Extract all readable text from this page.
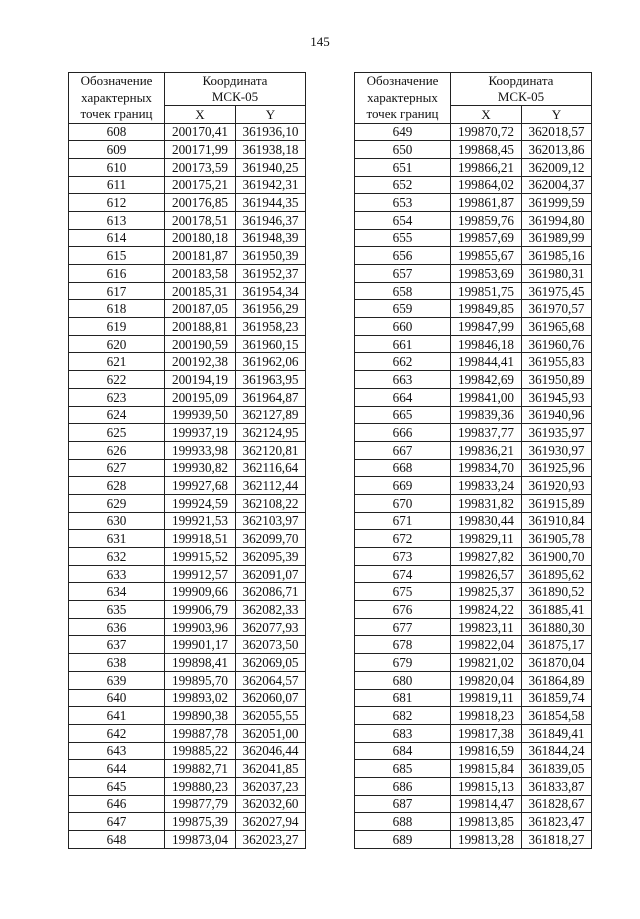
145
Обозначение
характерных
точек границ	Координата
МСК-05	

	X	Y
608	200170,41	361936,10
609	200171,99	361938,18
610	200173,59	361940,25
611	200175,21	361942,31
612	200176,85	361944,35
613	200178,51	361946,37
614	200180,18	361948,39
615	200181,87	361950,39
616	200183,58	361952,37
617	200185,31	361954,34
618	200187,05	361956,29
619	200188,81	361958,23
620	200190,59	361960,15
621	200192,38	361962,06
622	200194,19	361963,95
623	200195,09	361964,87
624	199939,50	362127,89
625	199937,19	362124,95
626	199933,98	362120,81
627	199930,82	362116,64
628	199927,68	362112,44
629	199924,59	362108,22
630	199921,53	362103,97
631	199918,51	362099,70
632	199915,52	362095,39
633	199912,57	362091,07
634	199909,66	362086,71
635	199906,79	362082,33
636	199903,96	362077,93
637	199901,17	362073,50
638	199898,41	362069,05
639	199895,70	362064,57
640	199893,02	362060,07
641	199890,38	362055,55
642	199887,78	362051,00
643	199885,22	362046,44
644	199882,71	362041,85
645	199880,23	362037,23
646	199877,79	362032,60
647	199875,39	362027,94
648	199873,04	362023,27
Обозначение
характерных
точек границ	Координата
МСК-05	

	X	Y
649	199870,72	362018,57
650	199868,45	362013,86
651	199866,21	362009,12
652	199864,02	362004,37
653	199861,87	361999,59
654	199859,76	361994,80
655	199857,69	361989,99
656	199855,67	361985,16
657	199853,69	361980,31
658	199851,75	361975,45
659	199849,85	361970,57
660	199847,99	361965,68
661	199846,18	361960,76
662	199844,41	361955,83
663	199842,69	361950,89
664	199841,00	361945,93
665	199839,36	361940,96
666	199837,77	361935,97
667	199836,21	361930,97
668	199834,70	361925,96
669	199833,24	361920,93
670	199831,82	361915,89
671	199830,44	361910,84
672	199829,11	361905,78
673	199827,82	361900,70
674	199826,57	361895,62
675	199825,37	361890,52
676	199824,22	361885,41
677	199823,11	361880,30
678	199822,04	361875,17
679	199821,02	361870,04
680	199820,04	361864,89
681	199819,11	361859,74
682	199818,23	361854,58
683	199817,38	361849,41
684	199816,59	361844,24
685	199815,84	361839,05
686	199815,13	361833,87
687	199814,47	361828,67
688	199813,85	361823,47
689	199813,28	361818,27
